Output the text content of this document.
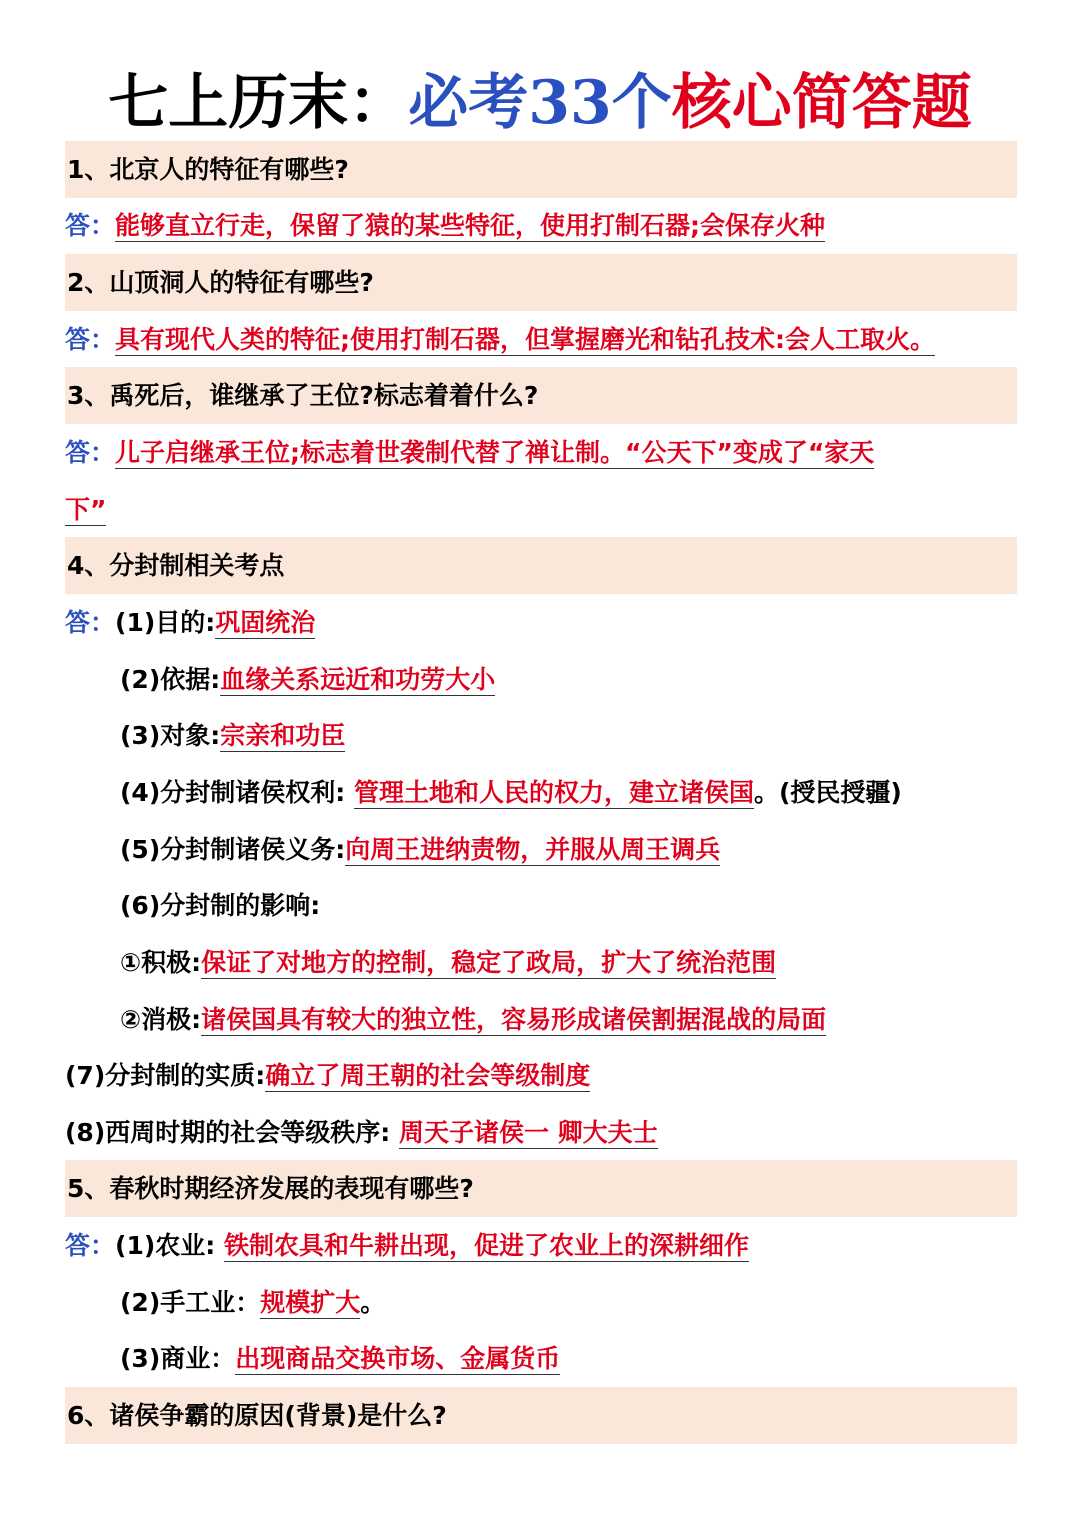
七上历末：必考33个核心简答题
1、北京人的特征有哪些?
答：能够直立行走，保留了猿的某些特征，使用打制石器;会保存火种
2、山顶洞人的特征有哪些?
答：具有现代人类的特征;使用打制石器，但掌握磨光和钻孔技术:会人工取火。
3、禹死后，谁继承了王位?标志着着什么?
答：儿子启继承王位;标志着世袭制代替了禅让制。“公天下”变成了“家天
下”
4、分封制相关考点
答：(1)目的:巩固统治
(2)依据:血缘关系远近和功劳大小
(3)对象:宗亲和功臣
(4)分封制诸侯权利: 管理土地和人民的权力，建立诸侯国。(授民授疆)
(5)分封制诸侯义务:向周王进纳责物，并服从周王调兵
(6)分封制的影响:
①积极:保证了对地方的控制，稳定了政局，扩大了统治范围
②消极:诸侯国具有较大的独立性，容易形成诸侯割据混战的局面
(7)分封制的实质:确立了周王朝的社会等级制度
(8)西周时期的社会等级秩序: 周天子诸侯一 卿大夫士
5、春秋时期经济发展的表现有哪些?
答：(1)农业: 铁制农具和牛耕出现，促进了农业上的深耕细作
(2)手工业：规模扩大。
(3)商业：出现商品交换市场、金属货币
6、诸侯争霸的原因(背景)是什么?
